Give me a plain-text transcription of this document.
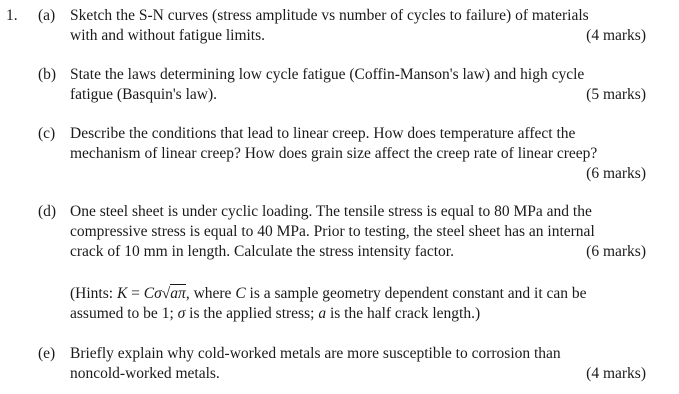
1. (a) Sketch the S-N curves (stress amplitude vs number of cycles to failure) of materials
with and without fatigue limits.	(4 marks)
(b) State the laws determining low cycle fatigue (Coffin-Manson's law) and high cycle
fatigue (Basquin's law).	(5 marks)
(c) Describe the conditions that lead to linear creep. How does temperature affect the
mechanism of linear creep? How does grain size affect the creep rate of linear creep?

(6 marks)
(d) One steel sheet is under cyclic loading. The tensile stress is equal to 80 MPa and the
compressive stress is equal to 40 MPa. Prior to testing, the steel sheet has an internal
crack of 10 mm in length. Calculate the stress intensity factor.	(6 marks)
(Hints: K = Cσ√aπ, where C is a sample geometry dependent constant and it can be
assumed to be 1; σ is the applied stress; a is the half crack length.)
(e) Briefly explain why cold-worked metals are more susceptible to corrosion than
noncold-worked metals.	(4 marks)
